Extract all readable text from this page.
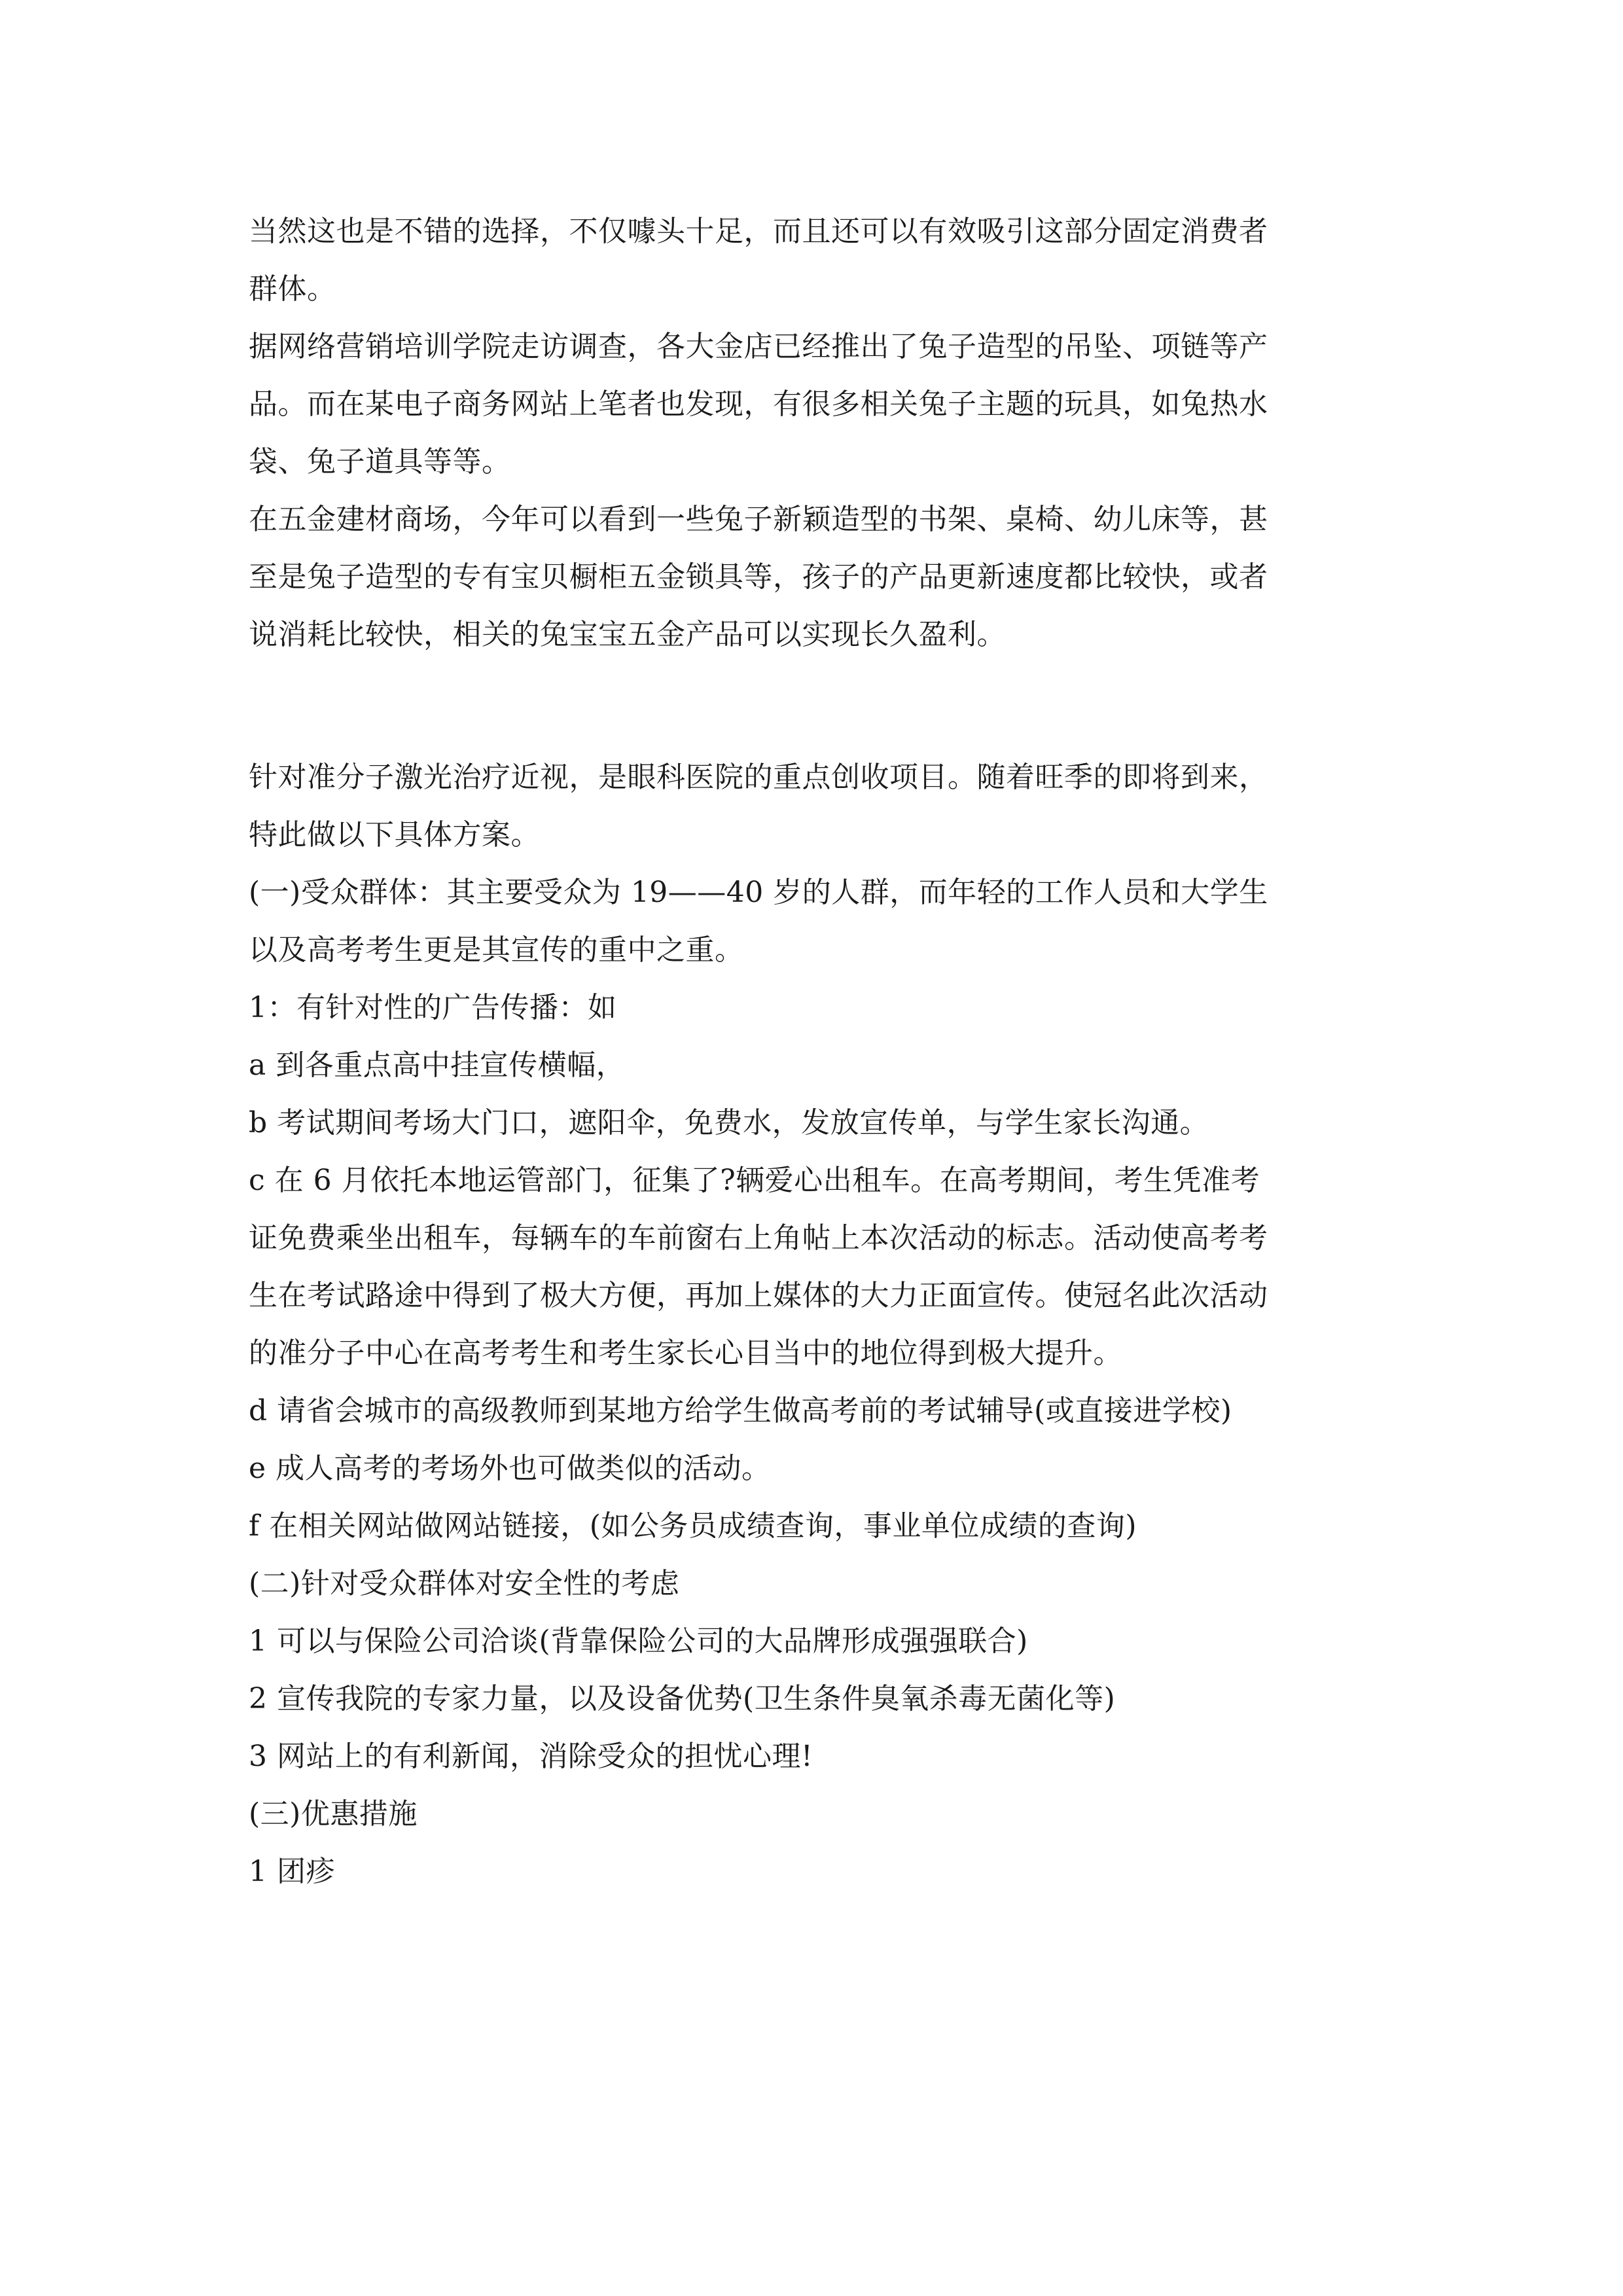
当然这也是不错的选择，不仅噱头十足，而且还可以有效吸引这部分固定消费者
群体。
据网络营销培训学院走访调查，各大金店已经推出了兔子造型的吊坠、项链等产
品。而在某电子商务网站上笔者也发现，有很多相关兔子主题的玩具，如兔热水
袋、兔子道具等等。
在五金建材商场，今年可以看到一些兔子新颖造型的书架、桌椅、幼儿床等，甚
至是兔子造型的专有宝贝橱柜五金锁具等，孩子的产品更新速度都比较快，或者
说消耗比较快，相关的兔宝宝五金产品可以实现长久盈利。
针对准分子激光治疗近视，是眼科医院的重点创收项目。随着旺季的即将到来，
特此做以下具体方案。
(一)受众群体：其主要受众为 19——40 岁的人群，而年轻的工作人员和大学生
以及高考考生更是其宣传的重中之重。
1：有针对性的广告传播：如
a 到各重点高中挂宣传横幅，
b 考试期间考场大门口，遮阳伞，免费水，发放宣传单，与学生家长沟通。
c 在 6 月依托本地运管部门，征集了?辆爱心出租车。在高考期间，考生凭准考
证免费乘坐出租车，每辆车的车前窗右上角帖上本次活动的标志。活动使高考考
生在考试路途中得到了极大方便，再加上媒体的大力正面宣传。使冠名此次活动
的准分子中心在高考考生和考生家长心目当中的地位得到极大提升。
d 请省会城市的高级教师到某地方给学生做高考前的考试辅导(或直接进学校)
e 成人高考的考场外也可做类似的活动。
f 在相关网站做网站链接，(如公务员成绩查询，事业单位成绩的查询)
(二)针对受众群体对安全性的考虑
1 可以与保险公司洽谈(背靠保险公司的大品牌形成强强联合)
2 宣传我院的专家力量，以及设备优势(卫生条件臭氧杀毒无菌化等)
3 网站上的有利新闻，消除受众的担忧心理!
(三)优惠措施
1 团疹
